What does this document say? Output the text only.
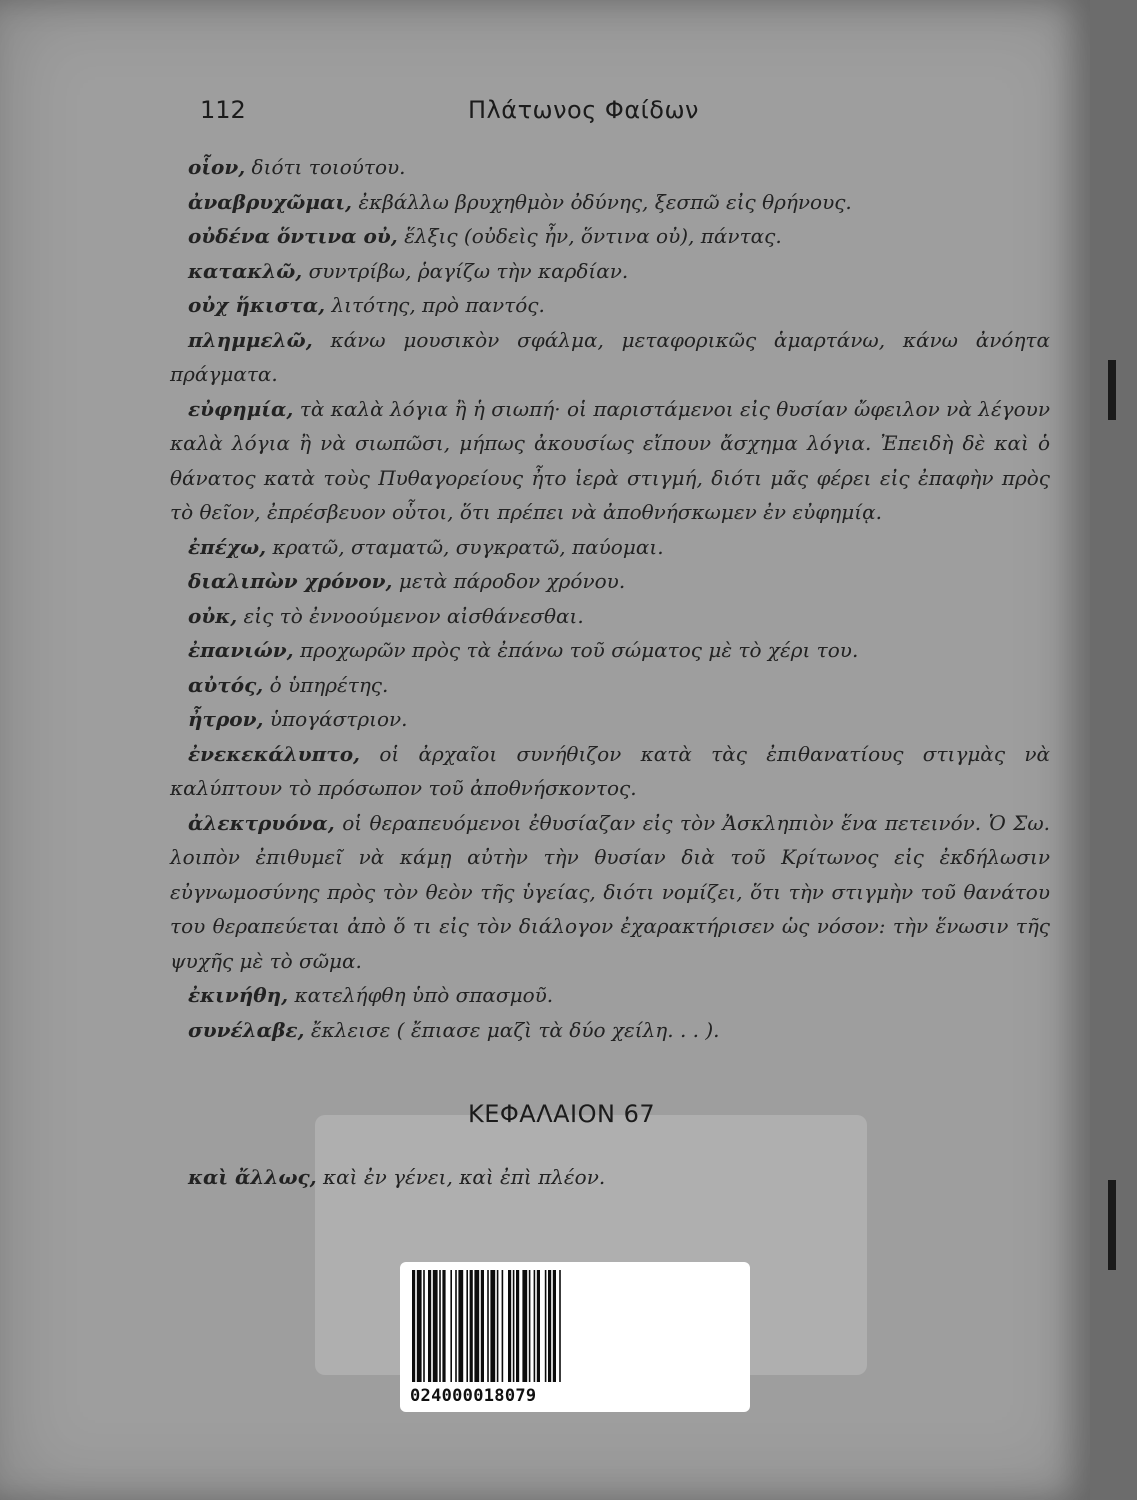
112	Πλάτωνος Φαίδων
οἷον, διότι τοιούτου.
ἀναβρυχῶμαι, ἐκβάλλω βρυχηθμὸν ὀδύνης, ξεσπῶ εἰς θρήνους.
οὐδένα ὅντινα οὐ, ἕλξις (οὐδεὶς ἦν, ὅντινα οὐ), πάντας.
κατακλῶ, συντρίβω, ῥαγίζω τὴν καρδίαν.
οὐχ ἥκιστα, λιτότης, πρὸ παντός.
πλημμελῶ, κάνω μουσικὸν σφάλμα, μεταφορικῶς ἁμαρτάνω, κάνω ἀνόητα πράγματα.
εὐφημία, τὰ καλὰ λόγια ἢ ἡ σιωπή· οἱ παριστάμενοι εἰς θυσίαν ὤφειλον νὰ λέγουν καλὰ λόγια ἢ νὰ σιωπῶσι, μήπως ἀκουσίως εἴπουν ἄσχημα λόγια. Ἐπειδὴ δὲ καὶ ὁ θάνατος κατὰ τοὺς Πυθαγορείους ἦτο ἱερὰ στιγμή, διότι μᾶς φέρει εἰς ἐπαφὴν πρὸς τὸ θεῖον, ἐπρέσβευον οὗτοι, ὅτι πρέπει νὰ ἀποθνήσκωμεν ἐν εὐφημίᾳ.
ἐπέχω, κρατῶ, σταματῶ, συγκρατῶ, παύομαι.
διαλιπὼν χρόνον, μετὰ πάροδον χρόνου.
οὐκ, εἰς τὸ ἐννοούμενον αἰσθάνεσθαι.
ἐπανιών, προχωρῶν πρὸς τὰ ἐπάνω τοῦ σώματος μὲ τὸ χέρι του.
αὐτός, ὁ ὑπηρέτης.
ἦτρον, ὑπογάστριον.
ἐνεκεκάλυπτο, οἱ ἀρχαῖοι συνήθιζον κατὰ τὰς ἐπιθανατίους στιγμὰς νὰ καλύπτουν τὸ πρόσωπον τοῦ ἀποθνήσκοντος.
ἀλεκτρυόνα, οἱ θεραπευόμενοι ἐθυσίαζαν εἰς τὸν Ἀσκληπιὸν ἕνα πετεινόν. Ὁ Σω. λοιπὸν ἐπιθυμεῖ νὰ κάμῃ αὐτὴν τὴν θυσίαν διὰ τοῦ Κρίτωνος εἰς ἐκδήλωσιν εὐγνωμοσύνης πρὸς τὸν θεὸν τῆς ὑγείας, διότι νομίζει, ὅτι τὴν στιγμὴν τοῦ θανάτου του θεραπεύεται ἀπὸ ὅ τι εἰς τὸν διάλογον ἐχαρακτήρισεν ὡς νόσον: τὴν ἕνωσιν τῆς ψυχῆς μὲ τὸ σῶμα.
ἐκινήθη, κατελήφθη ὑπὸ σπασμοῦ.
συνέλαβε, ἔκλεισε ( ἔπιασε μαζὶ τὰ δύο χείλη. . . ).
ΚΕΦΑΛΑΙΟΝ 67
καὶ ἄλλως, καὶ ἐν γένει, καὶ ἐπὶ πλέον.
024000018079
